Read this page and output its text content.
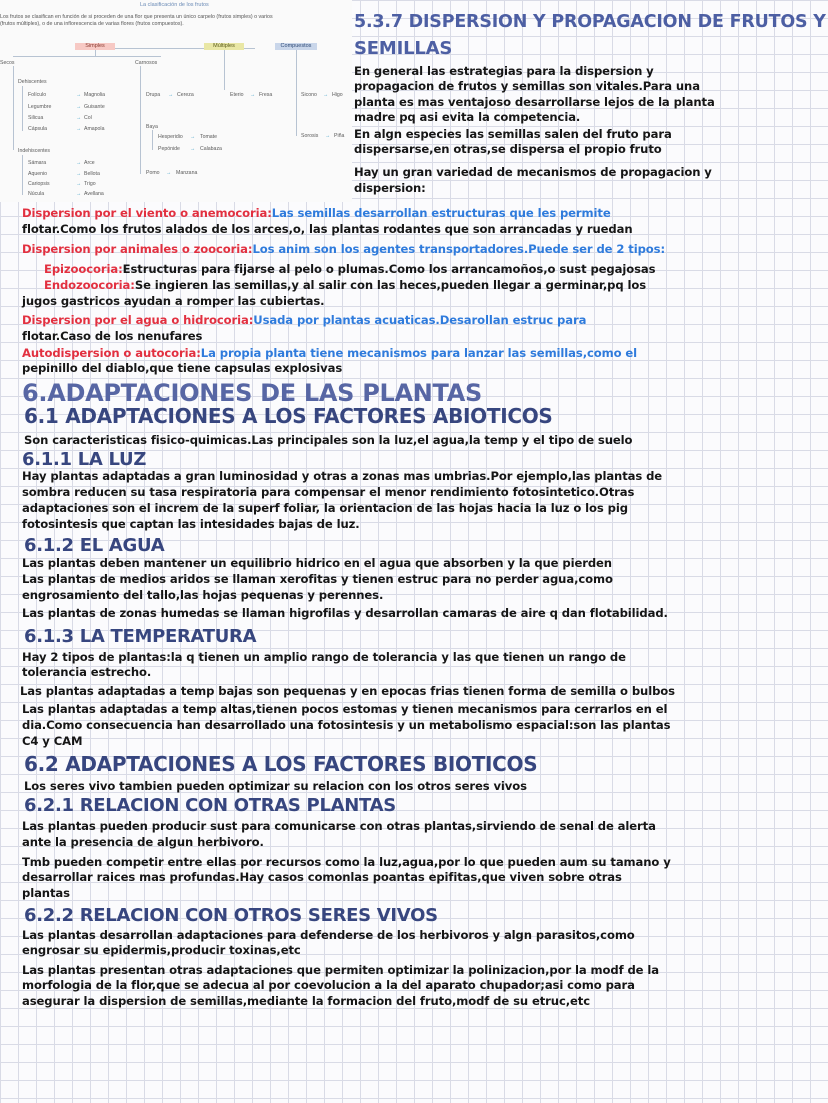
La clasificación de los frutos
Los frutos se clasifican en función de si proceden de una flor que presenta un único carpelo (frutos simples) o varios
(frutos múltiples), o de una inflorescencia de varias flores (frutos compuestos).
Simples	Múltiples	Compuestos
Secos
Dehiscentes
Folículo	→ Magnolia
Legumbre	→ Guisante
Silicua	→ Col
Cápsula	→ Amapola
Indehiscentes
Sámara	→ Arce
Aquenio	→ Bellota
Cariopsis	→ Trigo
Núcula	→ Avellana
Carnosos
Drupa → Cereza
Baya
Hesperidio → Tomate
Pepónide → Calabaza
Pomo → Manzana
Eterio → Fresa	Sicono → Higo
Sorosis → Piña
5.3.7 DISPERSION Y PROPAGACION DE FRUTOS Y
SEMILLAS
En general las estrategias para la dispersion y
propagacion de frutos y semillas son vitales.Para una
planta es mas ventajoso desarrollarse lejos de la planta
madre pq asi evita la competencia.
En algn especies las semillas salen del fruto para
dispersarse,en otras,se dispersa el propio fruto
Hay un gran variedad de mecanismos de propagacion y
dispersion:
Dispersion por el viento o anemocoria:Las semillas desarrollan estructuras que les permite
flotar.Como los frutos alados de los arces,o, las plantas rodantes que son arrancadas y ruedan
Dispersion por animales o zoocoria:Los anim son los agentes transportadores.Puede ser de 2 tipos:
Epizoocoria:Estructuras para fijarse al pelo o plumas.Como los arrancamoños,o sust pegajosas
Endozoocoria:Se ingieren las semillas,y al salir con las heces,pueden llegar a germinar,pq los
jugos gastricos ayudan a romper las cubiertas.
Dispersion por el agua o hidrocoria:Usada por plantas acuaticas.Desarollan estruc para
flotar.Caso de los nenufares
Autodispersion o autocoria:La propia planta tiene mecanismos para lanzar las semillas,como el
pepinillo del diablo,que tiene capsulas explosivas
6.ADAPTACIONES DE LAS PLANTAS
6.1 ADAPTACIONES A LOS FACTORES ABIOTICOS
Son caracteristicas fisico-quimicas.Las principales son la luz,el agua,la temp y el tipo de suelo
6.1.1 LA LUZ
Hay plantas adaptadas a gran luminosidad y otras a zonas mas umbrias.Por ejemplo,las plantas de
sombra reducen su tasa respiratoria para compensar el menor rendimiento fotosintetico.Otras
adaptaciones son el increm de la superf foliar, la orientacion de las hojas hacia la luz o los pig
fotosintesis que captan las intesidades bajas de luz.
6.1.2 EL AGUA
Las plantas deben mantener un equilibrio hidrico en el agua que absorben y la que pierden
Las plantas de medios aridos se llaman xerofitas y tienen estruc para no perder agua,como
engrosamiento del tallo,las hojas pequenas y perennes.
Las plantas de zonas humedas se llaman higrofilas y desarrollan camaras de aire q dan flotabilidad.
6.1.3 LA TEMPERATURA
Hay 2 tipos de plantas:la q tienen un amplio rango de tolerancia y las que tienen un rango de
tolerancia estrecho.
Las plantas adaptadas a temp bajas son pequenas y en epocas frias tienen forma de semilla o bulbos
Las plantas adaptadas a temp altas,tienen pocos estomas y tienen mecanismos para cerrarlos en el
dia.Como consecuencia han desarrollado una fotosintesis y un metabolismo espacial:son las plantas
C4 y CAM
6.2 ADAPTACIONES A LOS FACTORES BIOTICOS
Los seres vivo tambien pueden optimizar su relacion con los otros seres vivos
6.2.1 RELACION CON OTRAS PLANTAS
Las plantas pueden producir sust para comunicarse con otras plantas,sirviendo de senal de alerta
ante la presencia de algun herbivoro.
Tmb pueden competir entre ellas por recursos como la luz,agua,por lo que pueden aum su tamano y
desarrollar raices mas profundas.Hay casos comonlas poantas epifitas,que viven sobre otras
plantas
6.2.2 RELACION CON OTROS SERES VIVOS
Las plantas desarrollan adaptaciones para defenderse de los herbivoros y algn parasitos,como
engrosar su epidermis,producir toxinas,etc
Las plantas presentan otras adaptaciones que permiten optimizar la polinizacion,por la modf de la
morfologia de la flor,que se adecua al por coevolucion a la del aparato chupador;asi como para
asegurar la dispersion de semillas,mediante la formacion del fruto,modf de su etruc,etc
